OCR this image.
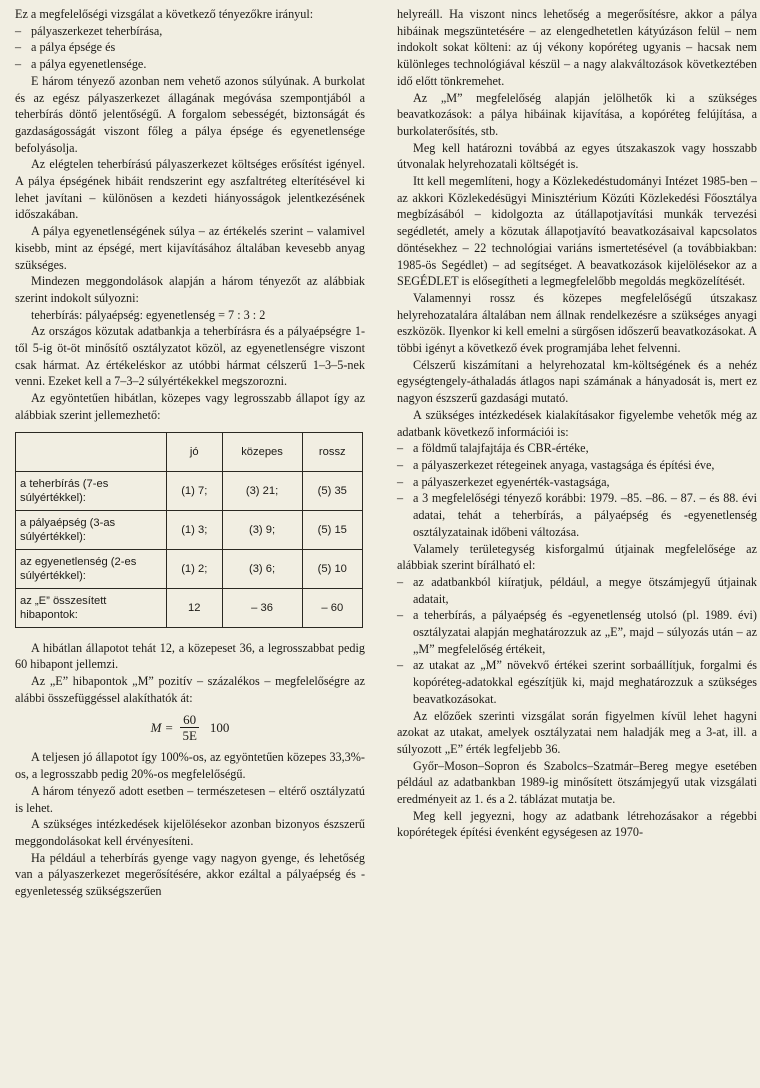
Ez a megfelelőségi vizsgálat a következő tényezőkre irányul:

– pályaszerkezet teherbírása,
– a pálya épsége és
– a pálya egyenetlensége.

E három tényező azonban nem vehető azonos súlyúnak. A burkolat és az egész pályaszerkezet állagának megóvása szempontjából a teherbírás döntő jelentőségű. A forgalom sebességét, biztonságát és gazdaságosságát viszont főleg a pálya épsége és egyenetlensége befolyásolja.

Az elégtelen teherbírású pályaszerkezet költséges erősítést igényel. A pálya épségének hibáit rendszerint egy aszfaltréteg elterítésével ki lehet javítani – különösen a kezdeti hiányosságok jelentkezésének időszakában.

A pálya egyenetlenségének súlya – az értékelés szerint – valamivel kisebb, mint az épségé, mert kijavításához általában kevesebb anyag szükséges.

Mindezen meggondolások alapján a három tényezőt az alábbiak szerint indokolt súlyozni:

teherbírás: pályaépség: egyenetlenség = 7 : 3 : 2

Az országos közutak adatbankja a teherbírásra és a pályaépségre 1-től 5-ig öt-öt minősítő osztályzatot közöl, az egyenetlenségre viszont csak hármat. Az értékeléskor az utóbbi hármat célszerű 1–3–5-nek venni. Ezeket kell a 7–3–2 súlyértékekkel megszorozni.

Az egyöntetűen hibátlan, közepes vagy legrosszabb állapot így az alábbiak szerint jellemezhető:

	jó	közepes	rossz
a teherbírás (7-es súlyértékkel):	(1) 7;	(3) 21;	(5) 35
a pályaépség (3-as súlyértékkel):	(1) 3;	(3) 9;	(5) 15
az egyenetlenség (2-es súlyértékkel):	(1) 2;	(3) 6;	(5) 10
az „E” összesített hibapontok:	12	– 36	– 60

A hibátlan állapotot tehát 12, a közepeset 36, a legrosszabbat pedig 60 hibapont jellemzi.

Az „E” hibapontok „M” pozitív – százalékos – megfelelőségre az alábbi összefüggéssel alakíthatók át:

$M = \frac{60}{5E} 100$

A teljesen jó állapotot így 100%-os, az egyöntetűen közepes 33,3%-os, a legrosszabb pedig 20%-os megfelelőségű.

A három tényező adott esetben – természetesen – eltérő osztályzatú is lehet.

A szükséges intézkedések kijelölésekor azonban bizonyos észszerű meggondolásokat kell érvényesíteni.

Ha például a teherbírás gyenge vagy nagyon gyenge, és lehetőség van a pályaszerkezet megerősítésére, akkor ezáltal a pályaépség és -egyenletesség szükségszerűen

helyreáll. Ha viszont nincs lehetőség a megerősítésre, akkor a pálya hibáinak megszüntetésére – az elengedhetetlen kátyúzáson felül – nem indokolt sokat költeni: az új vékony kopóréteg ugyanis – hacsak nem különleges technológiával készül – a nagy alakváltozások következtében idő előtt tönkremehet.

Az „M” megfelelőség alapján jelölhetők ki a szükséges beavatkozások: a pálya hibáinak kijavítása, a kopóréteg felújítása, a burkolaterősítés, stb.

Meg kell határozni továbbá az egyes útszakaszok vagy hosszabb útvonalak helyrehozatali költségét is.

Itt kell megemlíteni, hogy a Közlekedéstudományi Intézet 1985-ben – az akkori Közlekedésügyi Minisztérium Közúti Közlekedési Főosztálya megbízásából – kidolgozta az útállapotjavítási munkák tervezési segédletét, amely a közutak állapotjavító beavatkozásaival kapcsolatos döntésekhez – 22 technológiai variáns ismertetésével (a továbbiakban: 1985-ös Segédlet) – ad segítséget. A beavatkozások kijelölésekor az a SEGÉDLET is elősegítheti a legmegfelelőbb megoldás megközelítését.

Valamennyi rossz és közepes megfelelőségű útszakasz helyrehozatalára általában nem állnak rendelkezésre a szükséges anyagi eszközök. Ilyenkor ki kell emelni a sürgősen időszerű beavatkozásokat. A többi igényt a következő évek programjába lehet felvenni.

Célszerű kiszámítani a helyrehozatal km-költségének és a nehéz egységtengely-áthaladás átlagos napi számának a hányadosát is, mert ez nagyon észszerű gazdasági mutató.

A szükséges intézkedések kialakításakor figyelembe vehetők még az adatbank következő információi is:

– a földmű talajfajtája és CBR-értéke,
– a pályaszerkezet rétegeinek anyaga, vastagsága és építési éve,
– a pályaszerkezet egyenérték-vastagsága,
– a 3 megfelelőségi tényező korábbi: 1979. –85. –86. – 87. – és 88. évi adatai, tehát a teherbírás, a pályaépség és -egyenetlenség osztályzatainak időbeni változása.

Valamely területegység kisforgalmú útjainak megfelelősége az alábbiak szerint bírálható el:

– az adatbankból kiíratjuk, például, a megye ötszámjegyű útjainak adatait,
– a teherbírás, a pályaépség és -egyenetlenség utolsó (pl. 1989. évi) osztályzatai alapján meghatározzuk az „E”, majd – súlyozás után – az „M” megfelelőség értékeit,
– az utakat az „M” növekvő értékei szerint sorbaállítjuk, forgalmi és kopóréteg-adatokkal egészítjük ki, majd meghatározzuk a szükséges beavatkozásokat.

Az előzőek szerinti vizsgálat során figyelmen kívül lehet hagyni azokat az utakat, amelyek osztályzatai nem haladják meg a 3-at, ill. a súlyozott „E” érték legfeljebb 36.

Győr–Moson–Sopron és Szabolcs–Szatmár–Bereg megye esetében például az adatbankban 1989-ig minősített ötszámjegyű utak vizsgálati eredményeit az 1. és a 2. táblázat mutatja be.

Meg kell jegyezni, hogy az adatbank létrehozásakor a régebbi kopórétegek építési évenként egységesen az 1970-
